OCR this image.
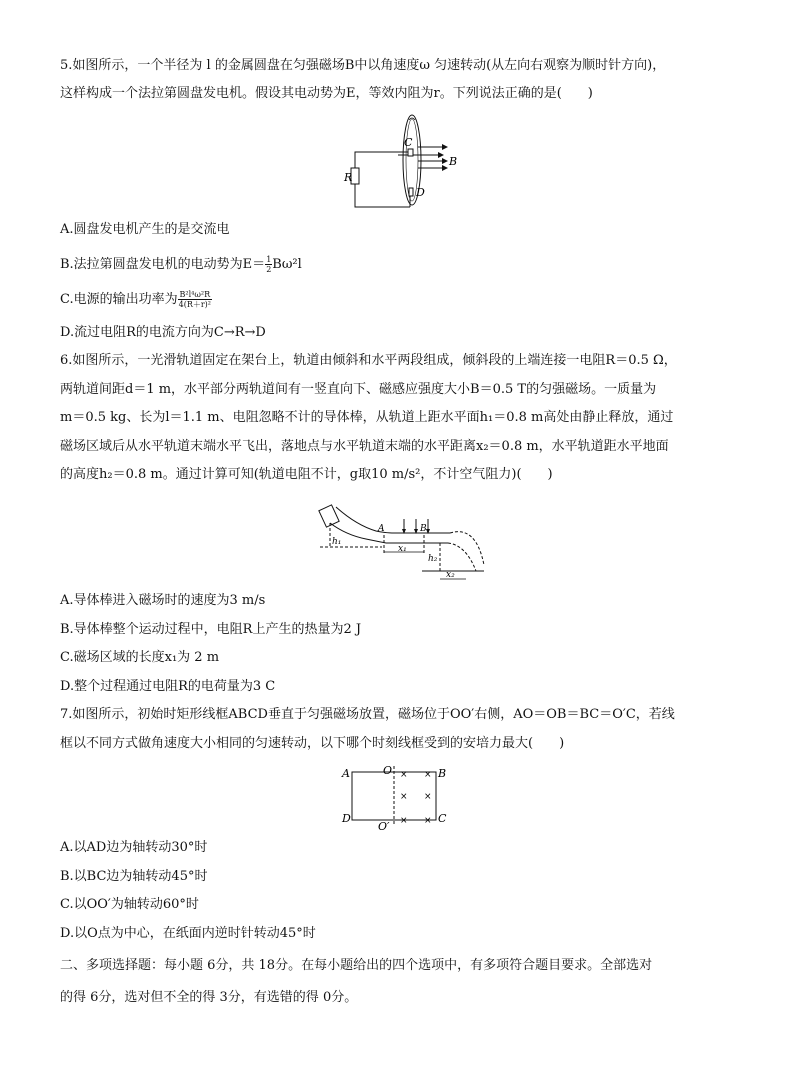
5.如图所示，一个半径为 l 的金属圆盘在匀强磁场B中以角速度ω 匀速转动(从左向右观察为顺时针方向)，
这样构成一个法拉第圆盘发电机。假设其电动势为E，等效内阻为r。下列说法正确的是(　　)
R
C
D
B
A.圆盘发电机产生的是交流电
B.法拉第圆盘发电机的电动势为$E= \frac{1}{2} B\omega^2l$
C.电源的输出功率为 $\frac{\text{B²l⁴ω²R}}{\text{4(R＋r)²}}$
D.流过电阻R的电流方向为C→R→D
6.如图所示，一光滑轨道固定在架台上，轨道由倾斜和水平两段组成，倾斜段的上端连接一电阻R＝0.5 Ω，
两轨道间距d＝1 m，水平部分两轨道间有一竖直向下、磁感应强度大小B＝0.5 T的匀强磁场。一质量为
m＝0.5 kg、长为l＝1.1 m、电阻忽略不计的导体棒，从轨道上距水平面h₁＝0.8 m高处由静止释放，通过
磁场区域后从水平轨道末端水平飞出，落地点与水平轨道末端的水平距离x₂＝0.8 m，水平轨道距水平地面
的高度h₂＝0.8 m。通过计算可知(轨道电阻不计，g取10 m/s²，不计空气阻力)(　　)
h₁
A	B
x₁
h₂
x₂
A.导体棒进入磁场时的速度为3 m/s
B.导体棒整个运动过程中，电阻R上产生的热量为2 J
C.磁场区域的长度x₁为 2 m
D.整个过程通过电阻R的电荷量为3 C
7.如图所示，初始时矩形线框ABCD垂直于匀强磁场放置，磁场位于OO′右侧，AO＝OB＝BC＝O′C，若线
框以不同方式做角速度大小相同的匀速转动，以下哪个时刻线框受到的安培力最大(　　)
× ×
× ×
× ×
A	O	B
D
O′
C
A.以AD边为轴转动30°时
B.以BC边为轴转动45°时
C.以OO′为轴转动60°时
D.以O点为中心，在纸面内逆时针转动45°时
二、多项选择题：每小题 6分，共 18分。在每小题给出的四个选项中，有多项符合题目要求。全部选对
的得 6分，选对但不全的得 3分，有选错的得 0分。
